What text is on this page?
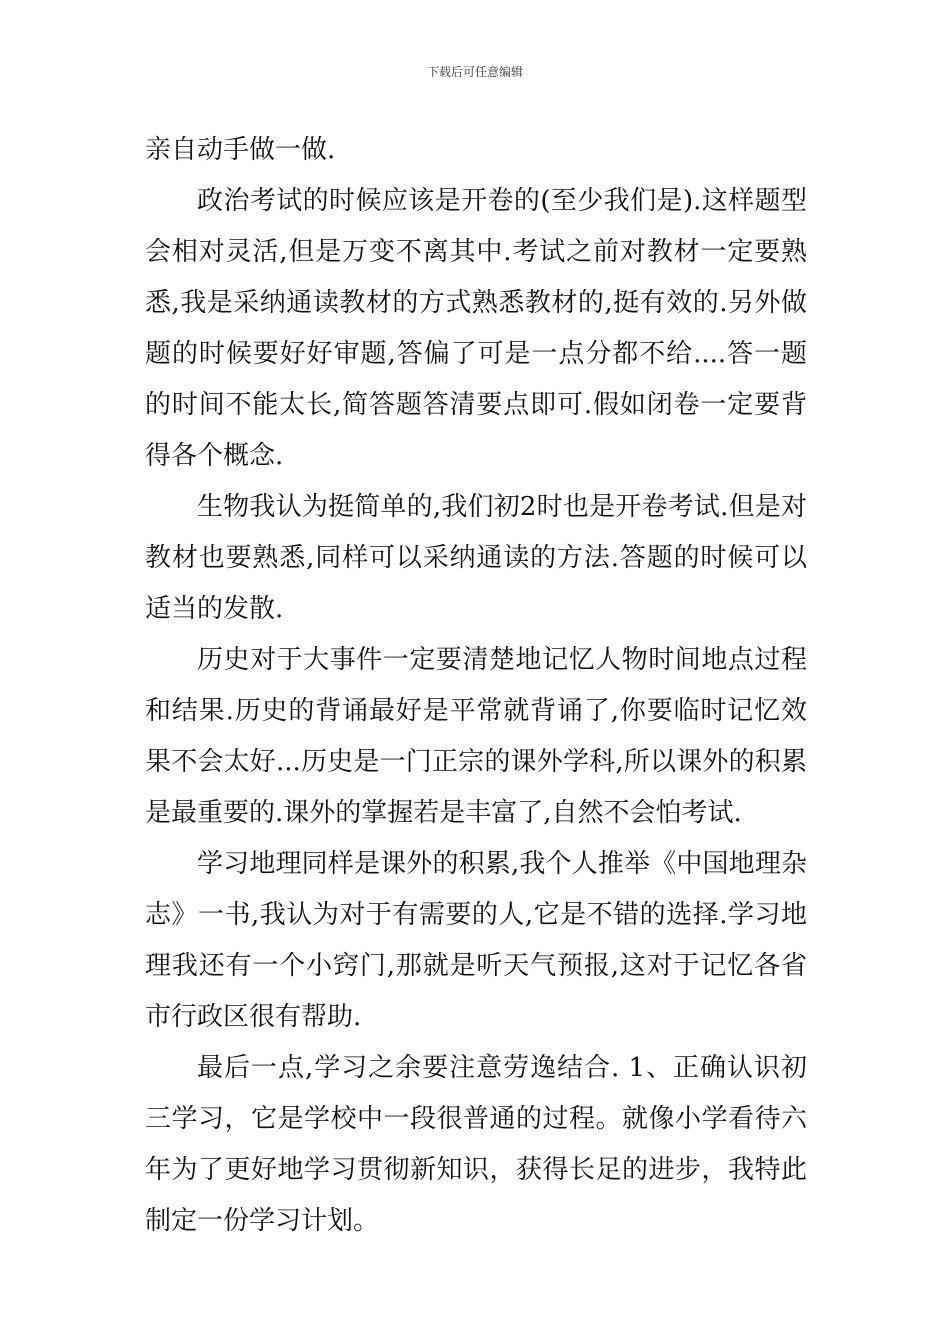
下载后可任意编辑

亲自动手做一做.

政治考试的时候应该是开卷的(至少我们是).这样题型会相对灵活,但是万变不离其中.考试之前对教材一定要熟悉,我是采纳通读教材的方式熟悉教材的,挺有效的.另外做题的时候要好好审题,答偏了可是一点分都不给....答一题的时间不能太长,简答题答清要点即可.假如闭卷一定要背得各个概念.

生物我认为挺简单的,我们初2时也是开卷考试.但是对教材也要熟悉,同样可以采纳通读的方法.答题的时候可以适当的发散.

历史对于大事件一定要清楚地记忆人物时间地点过程和结果.历史的背诵最好是平常就背诵了,你要临时记忆效果不会太好...历史是一门正宗的课外学科,所以课外的积累是最重要的.课外的掌握若是丰富了,自然不会怕考试.

学习地理同样是课外的积累,我个人推举《中国地理杂志》一书,我认为对于有需要的人,它是不错的选择.学习地理我还有一个小窍门,那就是听天气预报,这对于记忆各省市行政区很有帮助.

最后一点,学习之余要注意劳逸结合. 1、正确认识初三学习，它是学校中一段很普通的过程。就像小学看待六年为了更好地学习贯彻新知识，获得长足的进步，我特此制定一份学习计划。
